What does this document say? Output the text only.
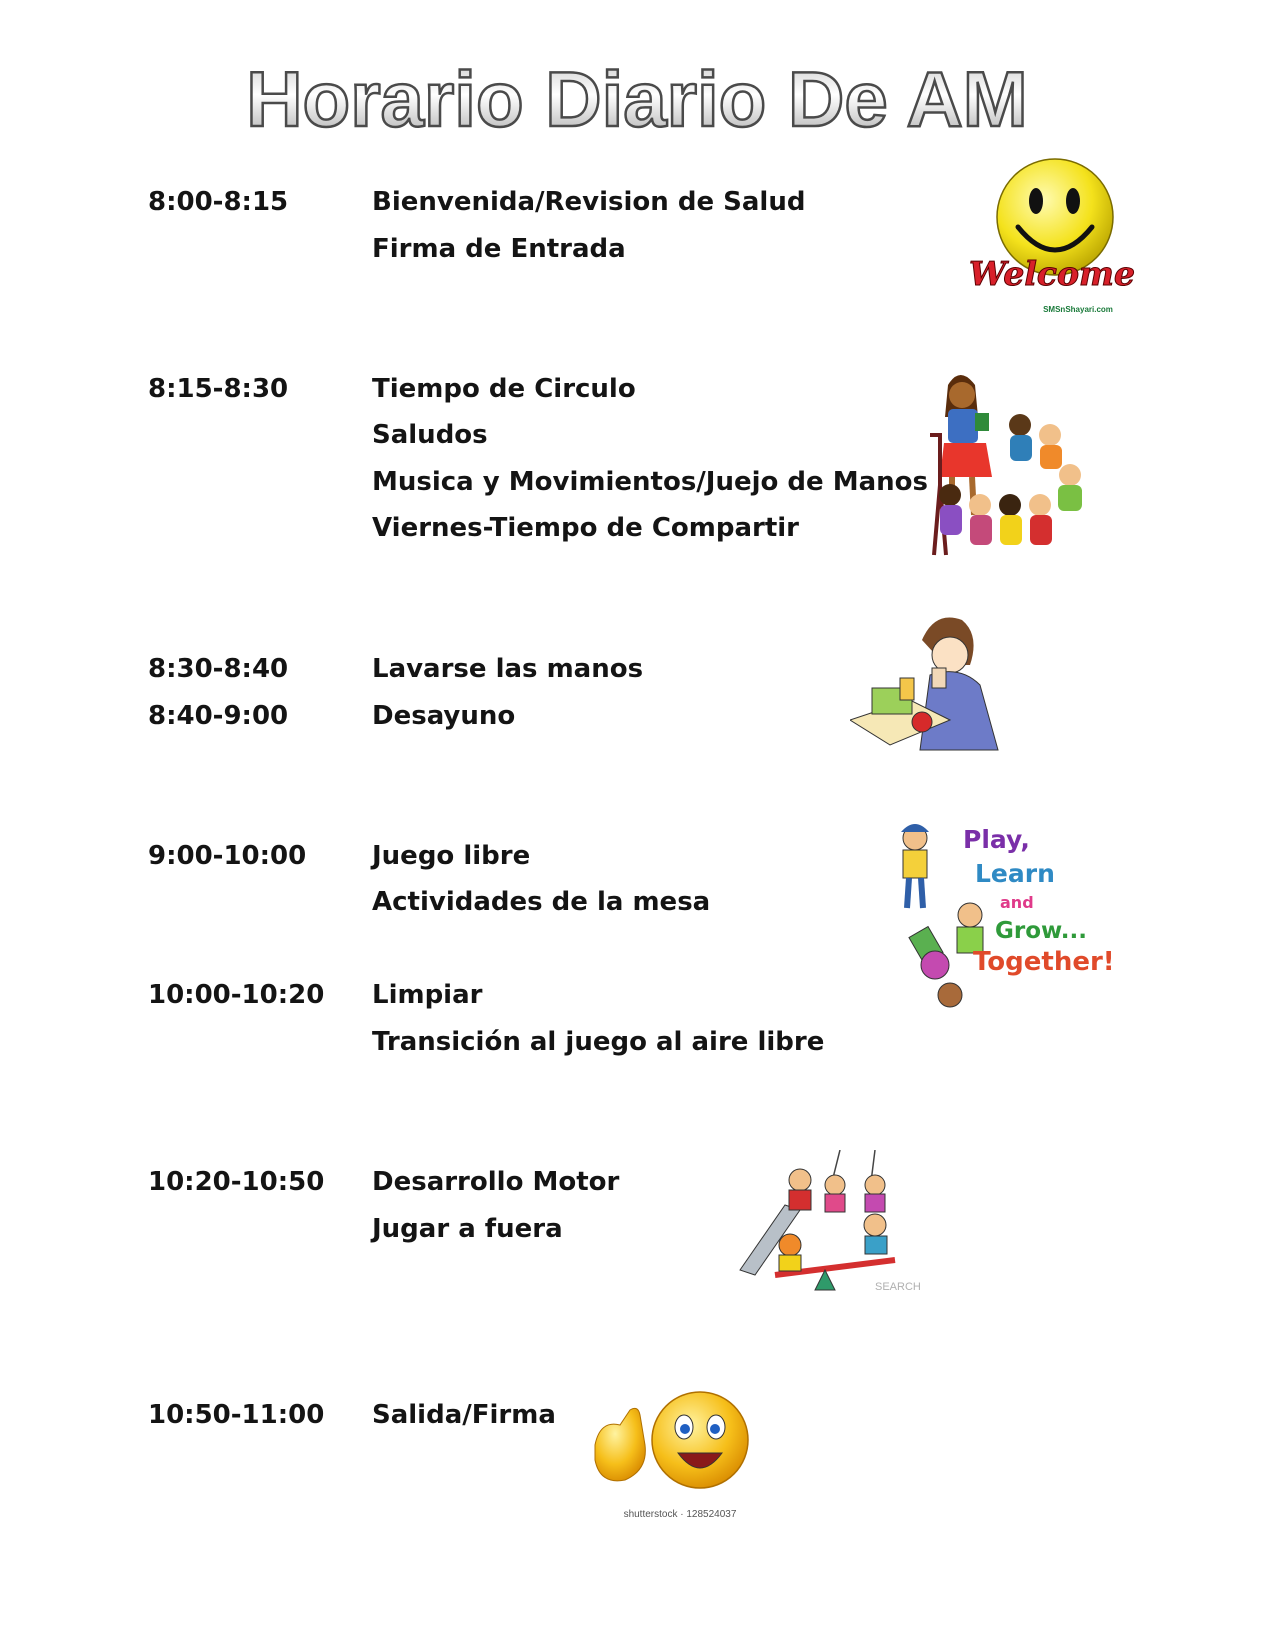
Horario Diario De AM
8:00-8:15	Bienvenida/Revision de Salud
Firma de Entrada
8:15-8:30	Tiempo de Circulo
Saludos
Musica y Movimientos/Juejo de Manos
Viernes-Tiempo de Compartir
8:30-8:40	Lavarse las manos
8:40-9:00	Desayuno
9:00-10:00	Juego libre
Actividades de la mesa
10:00-10:20 Limpiar
Transición al juego al aire libre
10:20-10:50 Desarrollo Motor
Jugar a fuera
10:50-11:00 Salida/Firma
Welcome
SMSnShayari.com
Play,
Learn
and
Grow...
Together!
SEARCH
shutterstock · 128524037
